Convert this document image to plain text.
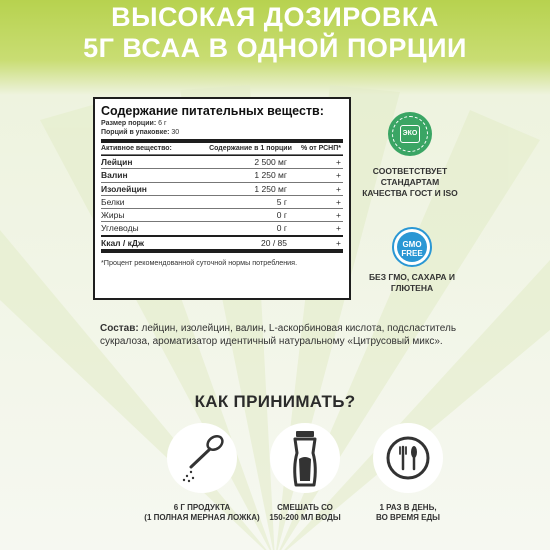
ВЫСОКАЯ ДОЗИРОВКА
5Г ВСАА В ОДНОЙ ПОРЦИИ
Содержание питательных веществ:
Размер порции: 6 г
Порций в упаковке: 30
Активное вещество:	Содержание в 1 порции	% от РСНП*
Лейцин	2 500 мг	+
Валин	1 250 мг	+
Изолейцин	1 250 мг	+
Белки	5 г	+
Жиры	0 г	+
Углеводы	0 г	+
Ккал / кДж	20 / 85	+
*Процент рекомендованной суточной нормы потребления.
ЭКО
СООТВЕТСТВУЕТ СТАНДАРТАМ КАЧЕСТВА ГОСТ И ISO
GMO
FREE
БЕЗ ГМО, САХАРА И ГЛЮТЕНА
Состав: лейцин, изолейцин, валин, L-аскорбиновая кислота, подсластитель сукралоза, ароматизатор идентичный натуральному «Цитрусовый микс».
КАК ПРИНИМАТЬ?
6 Г ПРОДУКТА
(1 ПОЛНАЯ МЕРНАЯ ЛОЖКА)
СМЕШАТЬ СО
150-200 МЛ ВОДЫ
1 РАЗ В ДЕНЬ,
ВО ВРЕМЯ ЕДЫ
